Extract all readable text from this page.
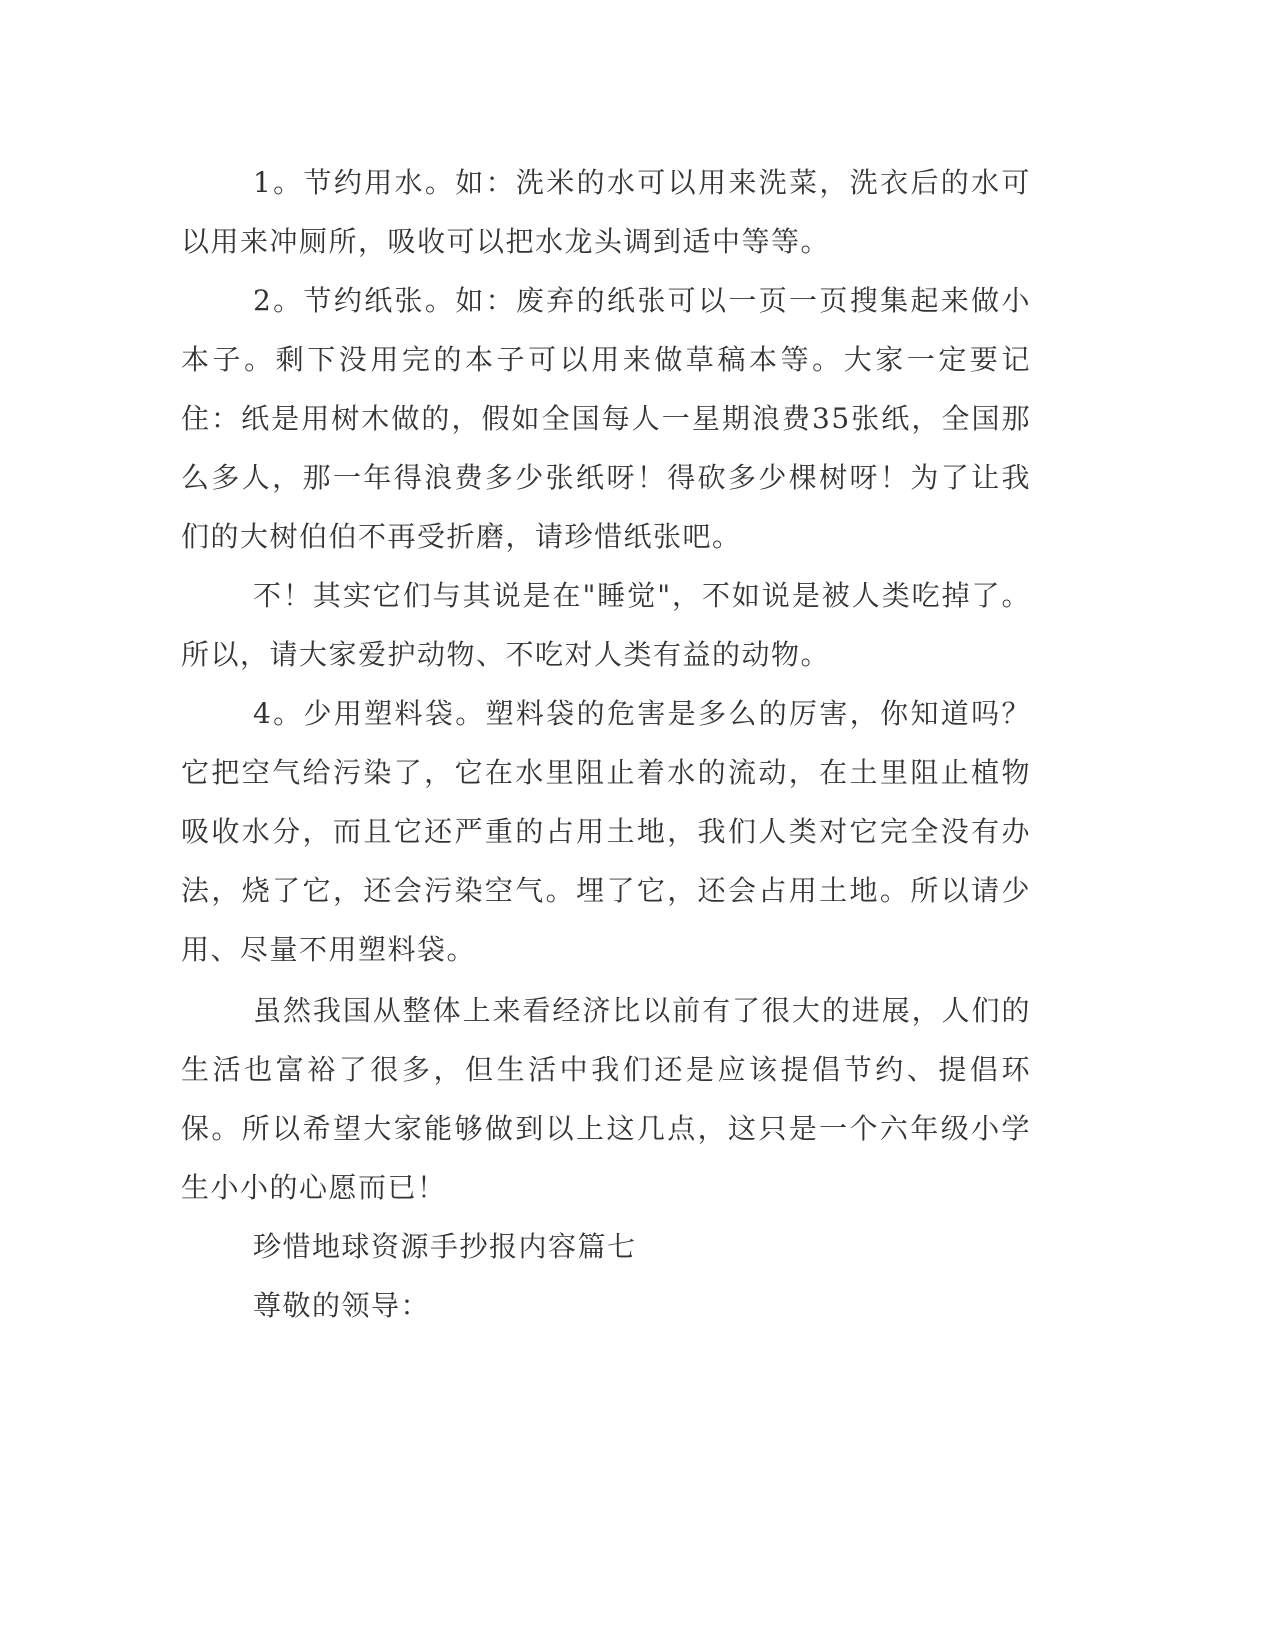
1。节约用水。如：洗米的水可以用来洗菜，洗衣后的水可以用来冲厕所，吸收可以把水龙头调到适中等等。

2。节约纸张。如：废弃的纸张可以一页一页搜集起来做小本子。剩下没用完的本子可以用来做草稿本等。大家一定要记住：纸是用树木做的，假如全国每人一星期浪费35张纸，全国那么多人，那一年得浪费多少张纸呀！得砍多少棵树呀！为了让我们的大树伯伯不再受折磨，请珍惜纸张吧。

不！其实它们与其说是在"睡觉"，不如说是被人类吃掉了。所以，请大家爱护动物、不吃对人类有益的动物。

4。少用塑料袋。塑料袋的危害是多么的厉害，你知道吗？它把空气给污染了，它在水里阻止着水的流动，在土里阻止植物吸收水分，而且它还严重的占用土地，我们人类对它完全没有办法，烧了它，还会污染空气。埋了它，还会占用土地。所以请少用、尽量不用塑料袋。

虽然我国从整体上来看经济比以前有了很大的进展，人们的生活也富裕了很多，但生活中我们还是应该提倡节约、提倡环保。所以希望大家能够做到以上这几点，这只是一个六年级小学生小小的心愿而已！

珍惜地球资源手抄报内容篇七

尊敬的领导：
